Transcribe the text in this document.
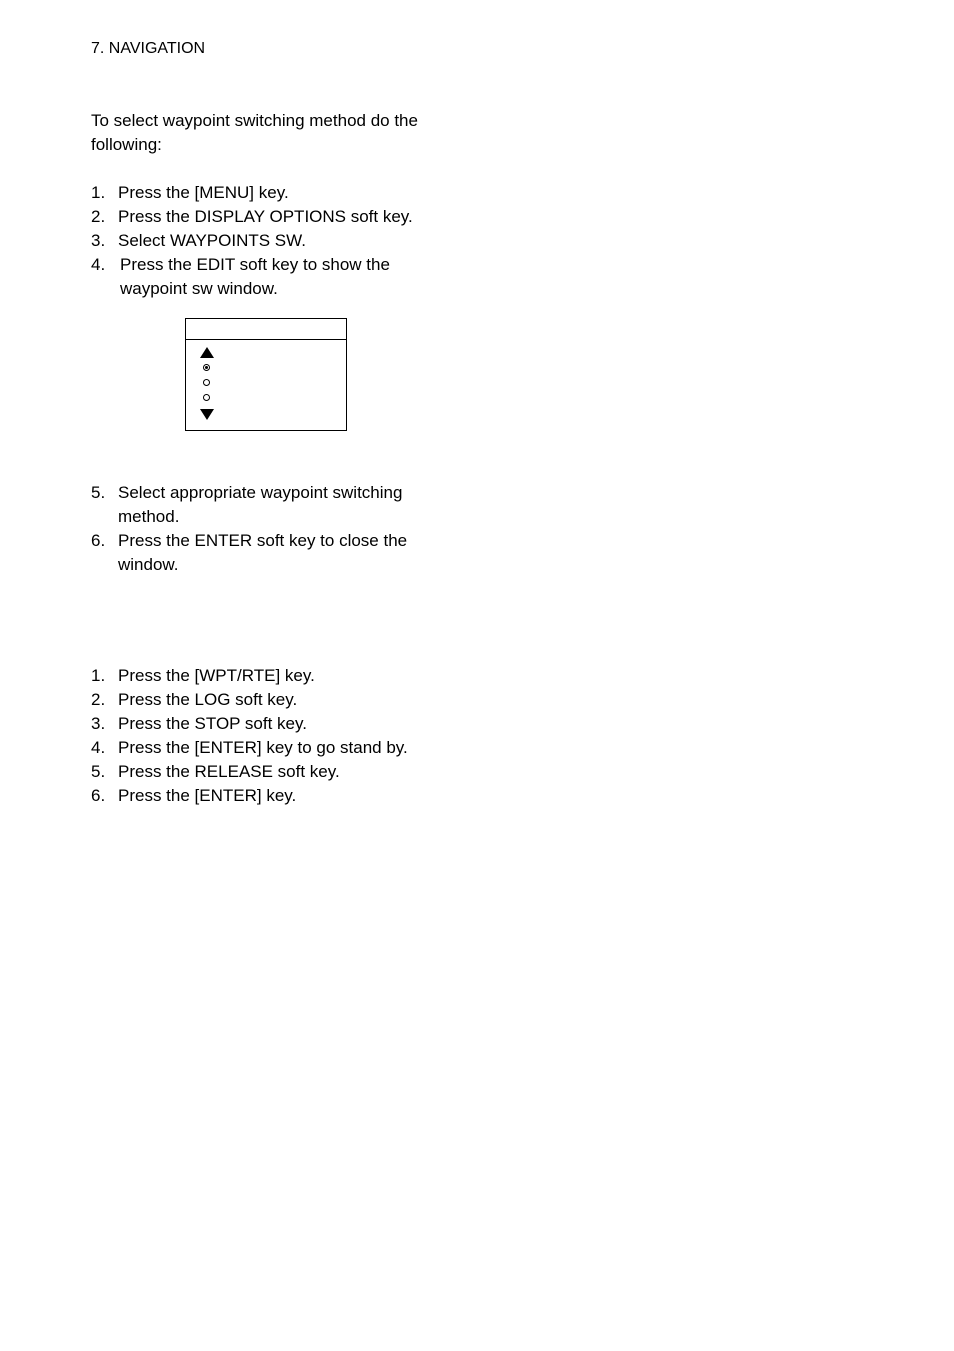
7. NAVIGATION

To select waypoint switching method do the following:

1. Press the [MENU] key.
2. Press the DISPLAY OPTIONS soft key.
3. Select WAYPOINTS SW.
4. Press the EDIT soft key to show the waypoint sw window.
5. Select appropriate waypoint switching method.
6. Press the ENTER soft key to close the window.
1. Press the [WPT/RTE] key.
2. Press the LOG soft key.
3. Press the STOP soft key.
4. Press the [ENTER] key to go stand by.
5. Press the RELEASE soft key.
6. Press the [ENTER] key.
